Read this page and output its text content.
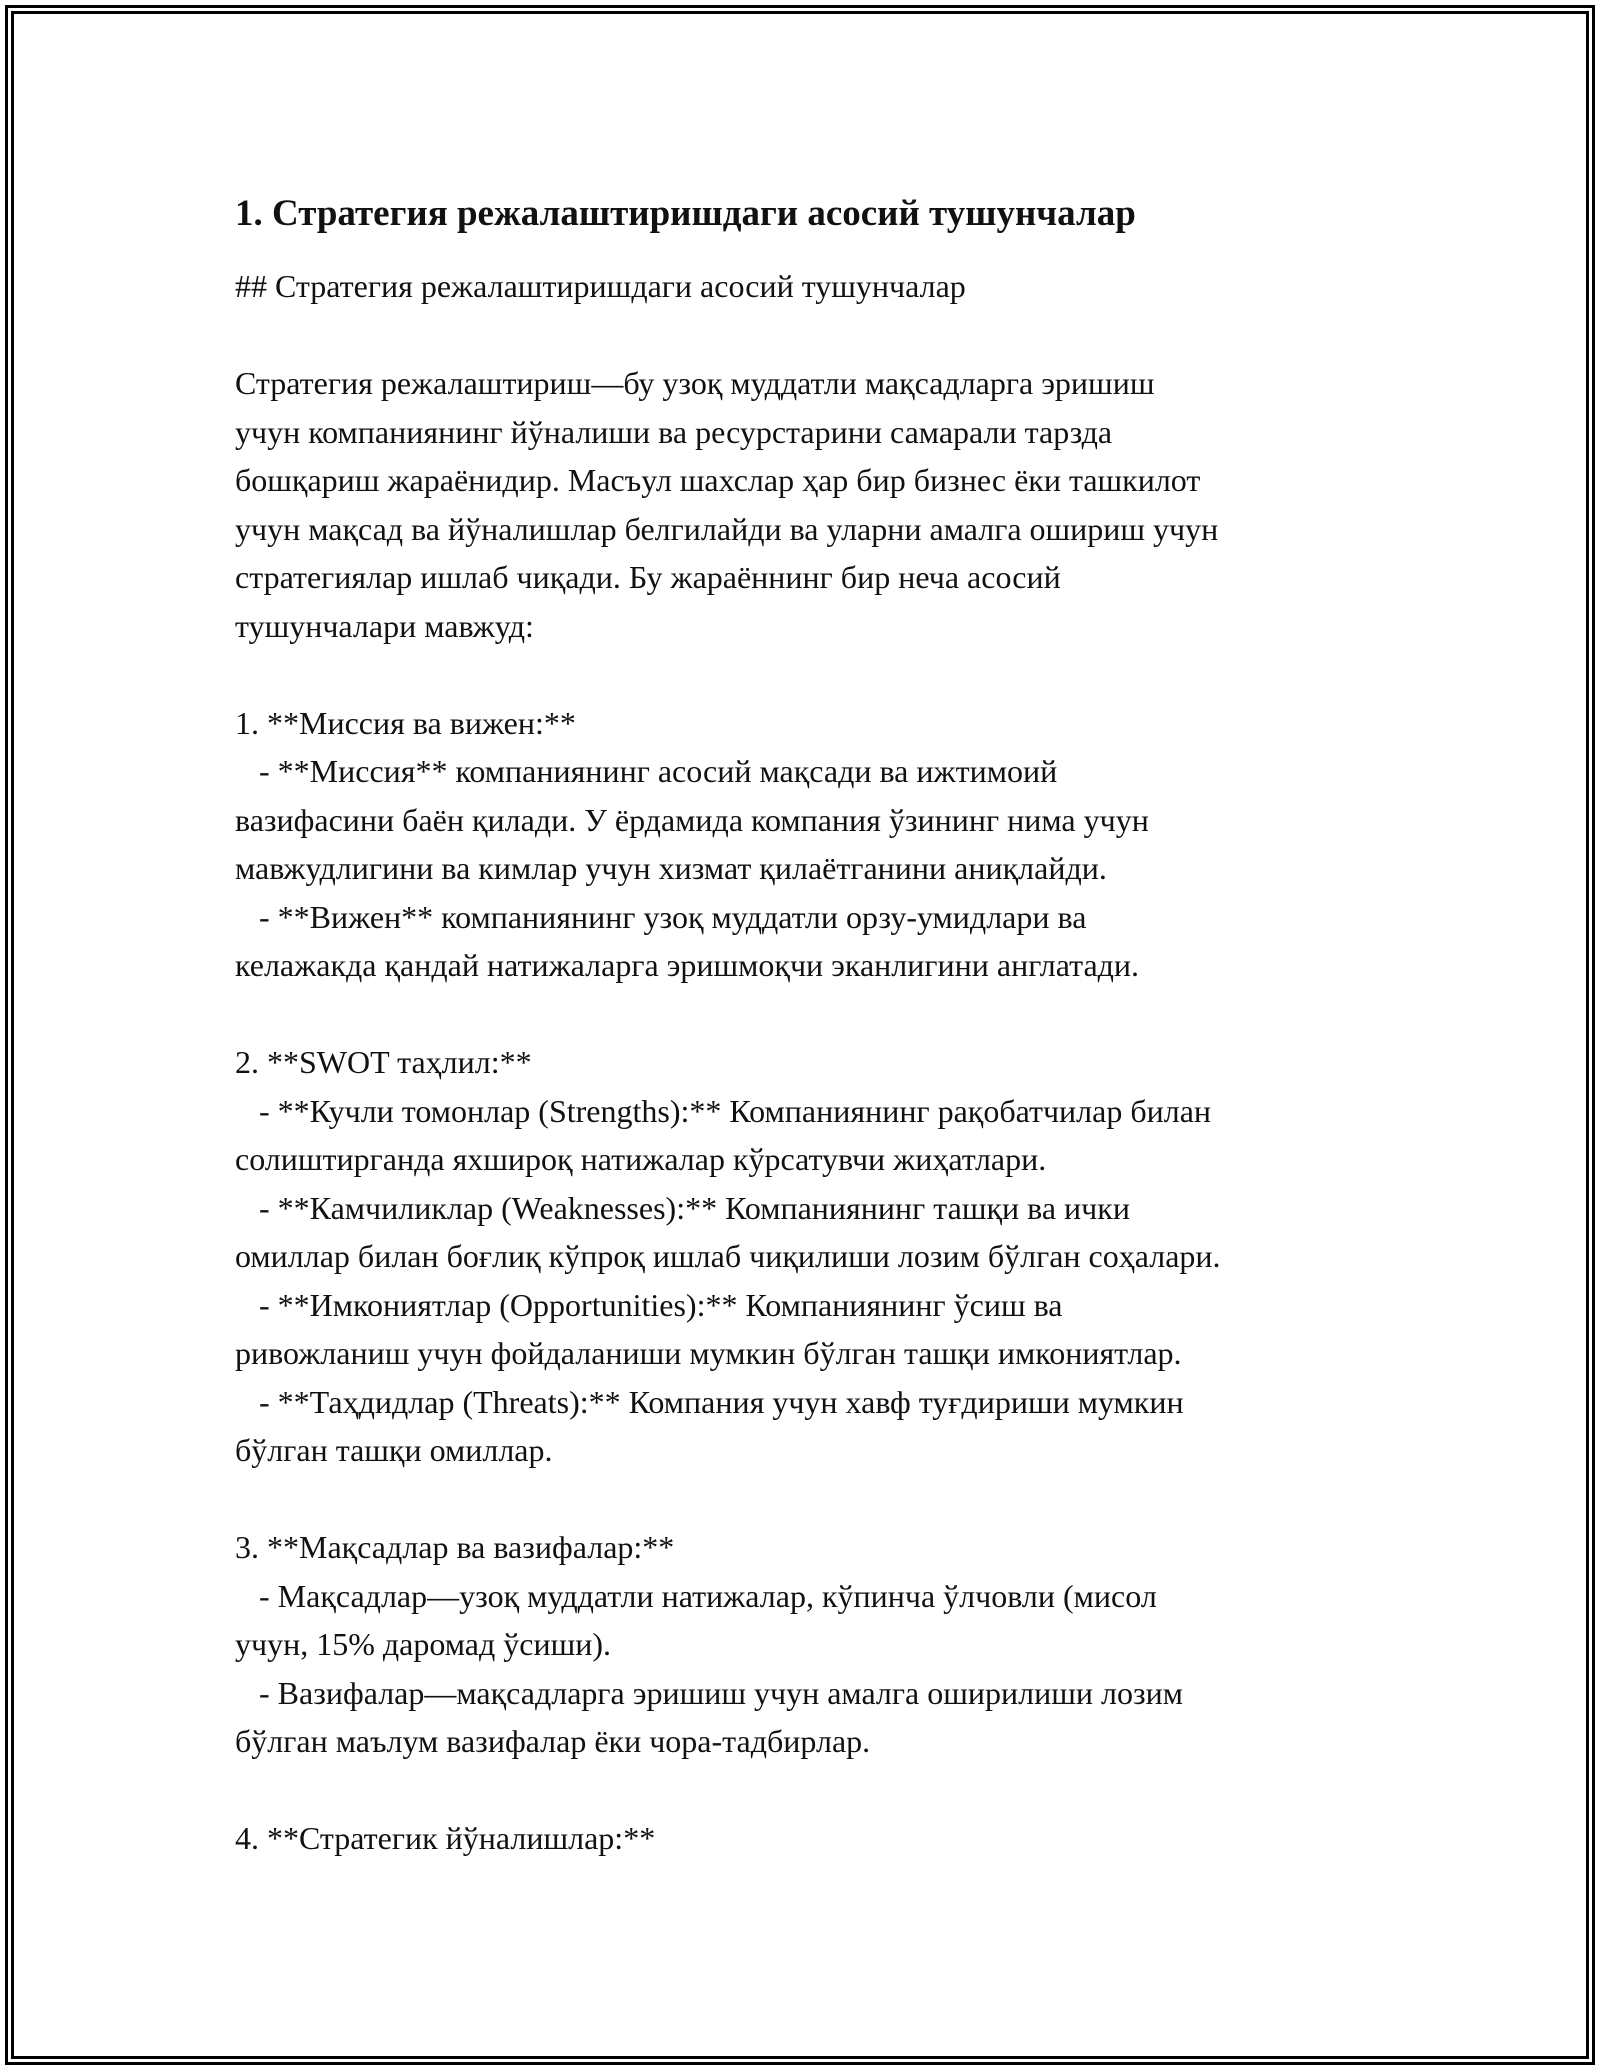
1. Стратегия режалаштиришдаги асосий тушунчалар
## Стратегия режалаштиришдаги асосий тушунчалар
Стратегия режалаштириш—бу узоқ муддатли мақсадларга эришиш
учун компаниянинг йўналиши ва ресурстарини самарали тарзда
бошқариш жараёнидир. Масъул шахслар ҳар бир бизнес ёки ташкилот
учун мақсад ва йўналишлар белгилайди ва уларни амалга ошириш учун
стратегиялар ишлаб чиқади. Бу жараённинг бир неча асосий
тушунчалари мавжуд:
1. **Миссия ва вижен:**
- **Миссия** компаниянинг асосий мақсади ва ижтимоий
вазифасини баён қилади. У ёрдамида компания ўзининг нима учун
мавжудлигини ва кимлар учун хизмат қилаётганини аниқлайди.
- **Вижен** компаниянинг узоқ муддатли орзу-умидлари ва
келажакда қандай натижаларга эришмоқчи эканлигини англатади.
2. **SWOT таҳлил:**
- **Кучли томонлар (Strengths):** Компаниянинг рақобатчилар билан
солиштирганда яхшироқ натижалар кўрсатувчи жиҳатлари.
- **Камчиликлар (Weaknesses):** Компаниянинг ташқи ва ички
омиллар билан боғлиқ кўпроқ ишлаб чиқилиши лозим бўлган соҳалари.
- **Имкониятлар (Opportunities):** Компаниянинг ўсиш ва
ривожланиш учун фойдаланиши мумкин бўлган ташқи имкониятлар.
- **Таҳдидлар (Threats):** Компания учун хавф туғдириши мумкин
бўлган ташқи омиллар.
3. **Мақсадлар ва вазифалар:**
- Мақсадлар—узоқ муддатли натижалар, кўпинча ўлчовли (мисол
учун, 15% даромад ўсиши).
- Вазифалар—мақсадларга эришиш учун амалга оширилиши лозим
бўлган маълум вазифалар ёки чора-тадбирлар.
4. **Стратегик йўналишлар:**
